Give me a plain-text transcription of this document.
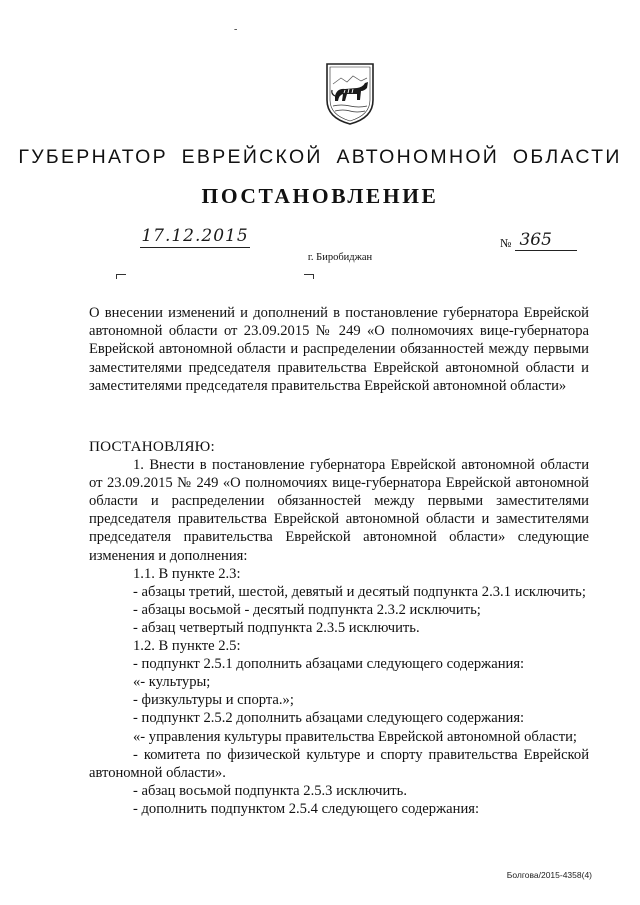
-
ГУБЕРНАТОР ЕВРЕЙСКОЙ АВТОНОМНОЙ ОБЛАСТИ
ПОСТАНОВЛЕНИЕ
17.12.2015	№ 365
г. Биробиджан

О внесении изменений и дополнений в постановление губернатора Еврейской автономной области от 23.09.2015 № 249 «О полномочиях вице-губернатора Еврейской автономной области и распределении обязанностей между первыми заместителями председателя правительства Еврейской автономной области и заместителями председателя правительства Еврейской автономной области»

ПОСТАНОВЛЯЮ:

1. Внести в постановление губернатора Еврейской автономной области от 23.09.2015 № 249 «О полномочиях вице-губернатора Еврейской автономной области и распределении обязанностей между первыми заместителями председателя правительства Еврейской автономной области и заместителями председателя правительства Еврейской автономной области» следующие изменения и дополнения:

1.1. В пункте 2.3:

- абзацы третий, шестой, девятый и десятый подпункта 2.3.1 исключить;

- абзацы восьмой - десятый подпункта 2.3.2 исключить;

- абзац четвертый подпункта 2.3.5 исключить.

1.2. В пункте 2.5:

- подпункт 2.5.1 дополнить абзацами следующего содержания:

«- культуры;

- физкультуры и спорта.»;

- подпункт 2.5.2 дополнить абзацами следующего содержания:

«- управления культуры правительства Еврейской автономной области;

- комитета по физической культуре и спорту правительства Еврейской автономной области».

- абзац восьмой подпункта 2.5.3 исключить.

- дополнить подпунктом 2.5.4 следующего содержания:

Болгова/2015-4358(4)
